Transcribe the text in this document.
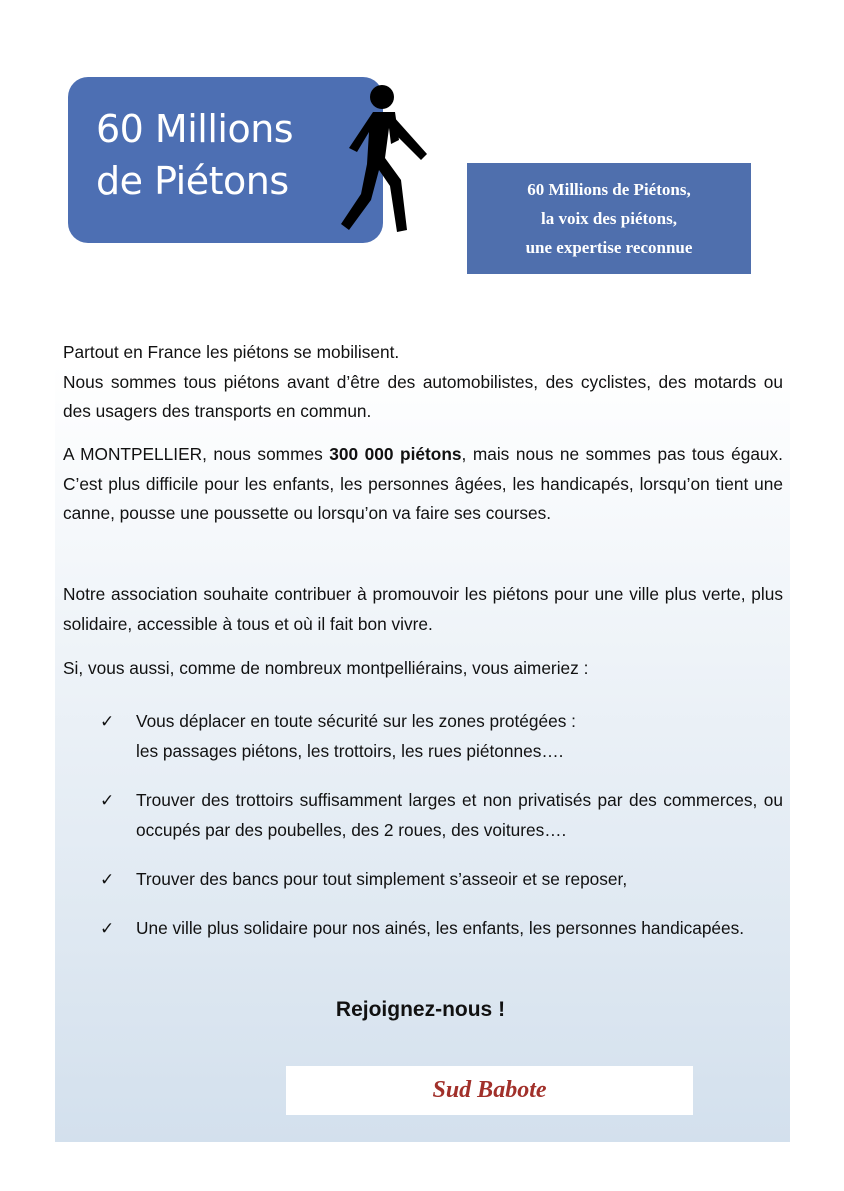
60 Millions
de Piétons	60 Millions de Piétons,
la voix des piétons,
une expertise reconnue

Partout en France les piétons se mobilisent.

Nous sommes tous piétons avant d’être des automobilistes, des cyclistes, des motards ou des usagers des transports en commun.

A MONTPELLIER, nous sommes 300 000 piétons, mais nous ne sommes pas tous égaux. C’est plus difficile pour les enfants, les personnes âgées, les handicapés, lorsqu’on tient une canne, pousse une poussette ou lorsqu’on va faire ses courses.

Notre association souhaite contribuer à promouvoir les piétons pour une ville plus verte, plus solidaire, accessible à tous et où il fait bon vivre.

Si, vous aussi, comme de nombreux montpelliérains, vous aimeriez :

✓	Vous déplacer en toute sécurité sur les zones protégées :
les passages piétons, les trottoirs, les rues piétonnes….
✓	Trouver des trottoirs suffisamment larges et non privatisés par des commerces, ou occupés par des poubelles, des 2 roues, des voitures….
✓	Trouver des bancs pour tout simplement s’asseoir et se reposer,
✓	Une ville plus solidaire pour nos ainés, les enfants, les personnes handicapées.
Rejoignez-nous !
Sud Babote
